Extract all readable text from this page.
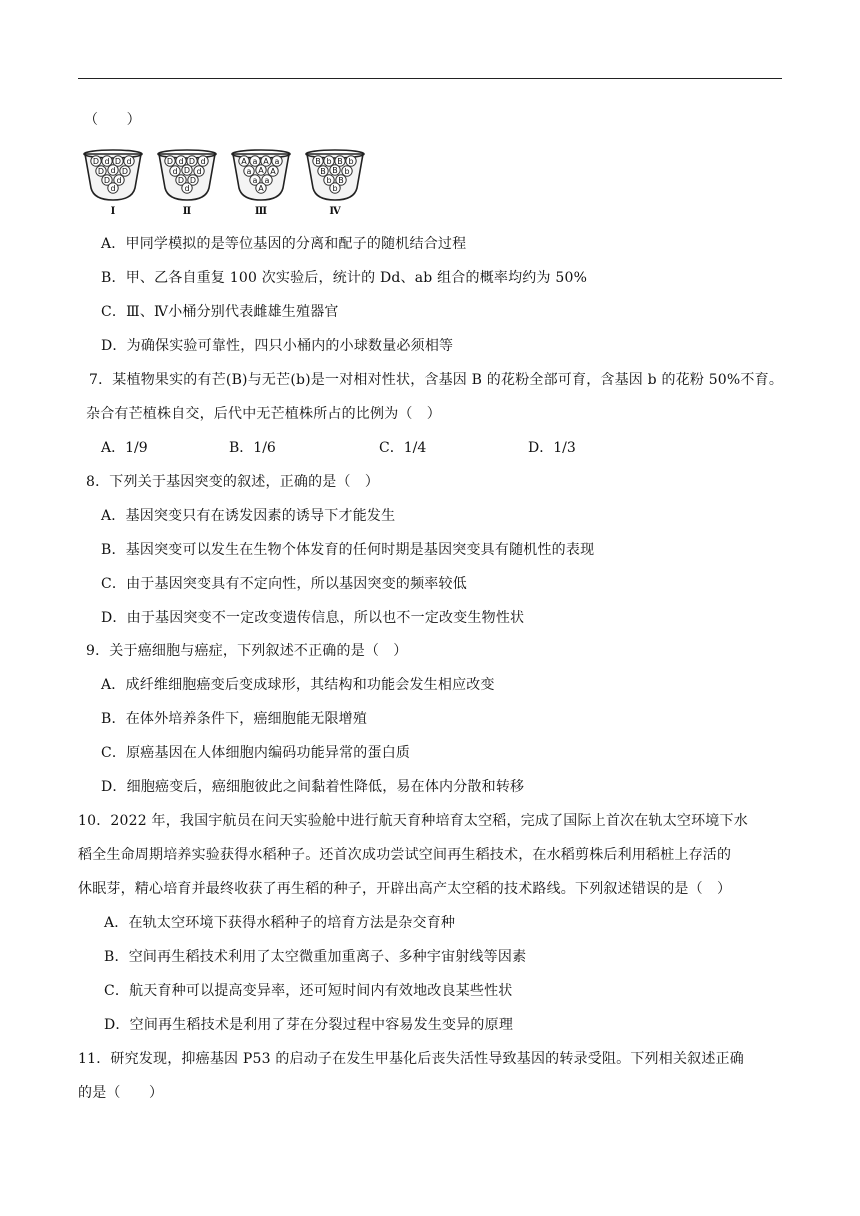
（　　）
D d D d
D d D
D d
d
Ⅰ
D d D d
d D d
D D
d
Ⅱ
A a A a
a A A
a a
A
Ⅲ
B b B b
B B b
b B
b
Ⅳ
A．甲同学模拟的是等位基因的分离和配子的随机结合过程
B．甲、乙各自重复 100 次实验后，统计的 Dd、ab 组合的概率均约为 50%
C．Ⅲ、Ⅳ小桶分别代表雌雄生殖器官
D．为确保实验可靠性，四只小桶内的小球数量必须相等
7．某植物果实的有芒(B)与无芒(b)是一对相对性状，含基因 B 的花粉全部可育，含基因 b 的花粉 50%不育。
杂合有芒植株自交，后代中无芒植株所占的比例为（　）
A．1/9	B．1/6	C．1/4	D．1/3
8．下列关于基因突变的叙述，正确的是（　）
A．基因突变只有在诱发因素的诱导下才能发生
B．基因突变可以发生在生物个体发育的任何时期是基因突变具有随机性的表现
C．由于基因突变具有不定向性，所以基因突变的频率较低
D．由于基因突变不一定改变遗传信息，所以也不一定改变生物性状
9．关于癌细胞与癌症，下列叙述不正确的是（　）
A．成纤维细胞癌变后变成球形，其结构和功能会发生相应改变
B．在体外培养条件下，癌细胞能无限增殖
C．原癌基因在人体细胞内编码功能异常的蛋白质
D．细胞癌变后，癌细胞彼此之间黏着性降低，易在体内分散和转移
10．2022 年，我国宇航员在问天实验舱中进行航天育种培育太空稻，完成了国际上首次在轨太空环境下水
稻全生命周期培养实验获得水稻种子。还首次成功尝试空间再生稻技术，在水稻剪株后利用稻桩上存活的
休眠芽，精心培育并最终收获了再生稻的种子，开辟出高产太空稻的技术路线。下列叙述错误的是（　）
A．在轨太空环境下获得水稻种子的培育方法是杂交育种
B．空间再生稻技术利用了太空微重加重离子、多种宇宙射线等因素
C．航天育种可以提高变异率，还可短时间内有效地改良某些性状
D．空间再生稻技术是利用了芽在分裂过程中容易发生变异的原理
11．研究发现，抑癌基因 P53 的启动子在发生甲基化后丧失活性导致基因的转录受阻。下列相关叙述正确
的是（　　）
